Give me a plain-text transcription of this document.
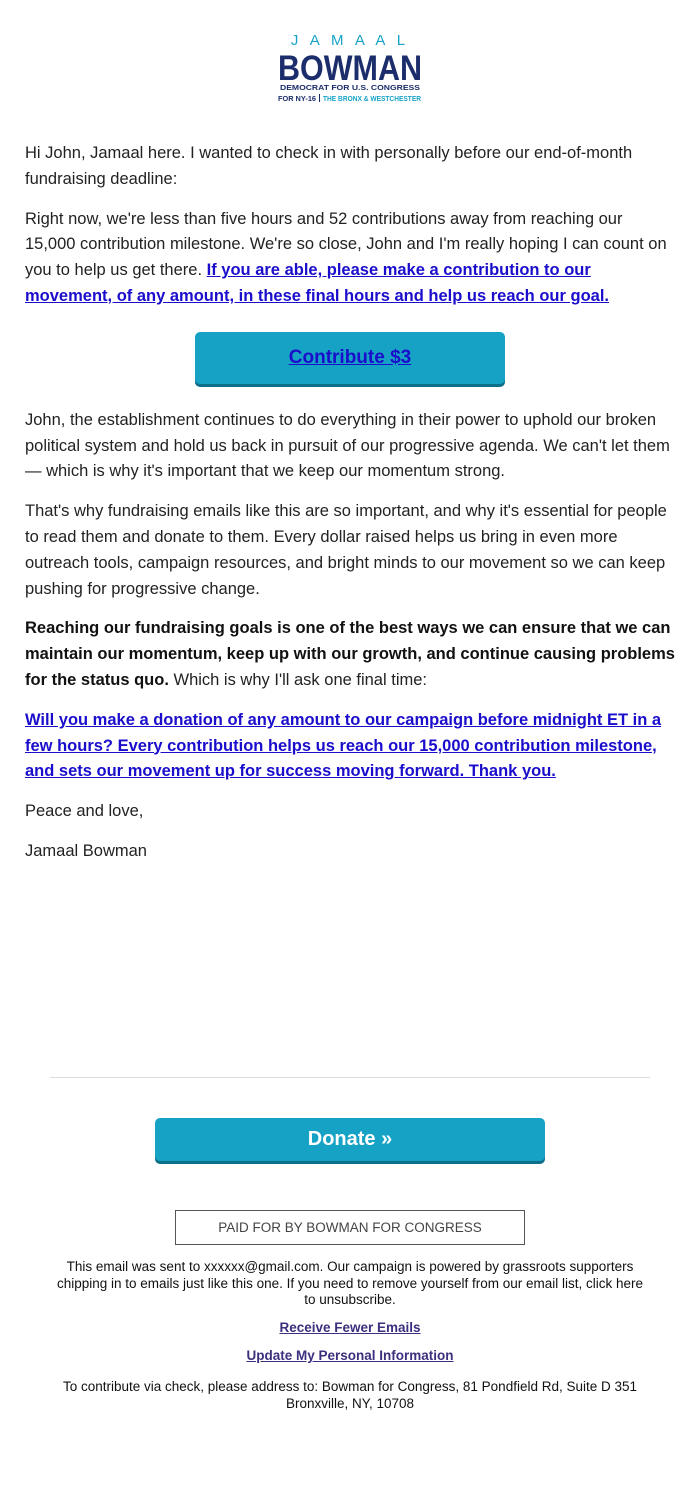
J A M A A L
BOWMAN
DEMOCRAT FOR U.S. CONGRESS
FOR NY-16 THE BRONX & WESTCHESTER

Hi John, Jamaal here. I wanted to check in with personally before our end-of-month fundraising deadline:

Right now, we're less than five hours and 52 contributions away from reaching our 15,000 contribution milestone. We're so close, John and I'm really hoping I can count on you to help us get there. If you are able, please make a contribution to our movement, of any amount, in these final hours and help us reach our goal.

Contribute $3

John, the establishment continues to do everything in their power to uphold our broken political system and hold us back in pursuit of our progressive agenda. We can't let them — which is why it's important that we keep our momentum strong.

That's why fundraising emails like this are so important, and why it's essential for people to read them and donate to them. Every dollar raised helps us bring in even more outreach tools, campaign resources, and bright minds to our movement so we can keep pushing for progressive change.

Reaching our fundraising goals is one of the best ways we can ensure that we can maintain our momentum, keep up with our growth, and continue causing problems for the status quo. Which is why I'll ask one final time:

Will you make a donation of any amount to our campaign before midnight ET in a few hours? Every contribution helps us reach our 15,000 contribution milestone, and sets our movement up for success moving forward. Thank you.

Peace and love,

Jamaal Bowman

Donate »
PAID FOR BY BOWMAN FOR CONGRESS
This email was sent to xxxxxx@gmail.com. Our campaign is powered by grassroots supporters chipping in to emails just like this one. If you need to remove yourself from our email list, click here to unsubscribe.
Receive Fewer Emails
Update My Personal Information
To contribute via check, please address to: Bowman for Congress, 81 Pondfield Rd, Suite D 351 Bronxville, NY, 10708
